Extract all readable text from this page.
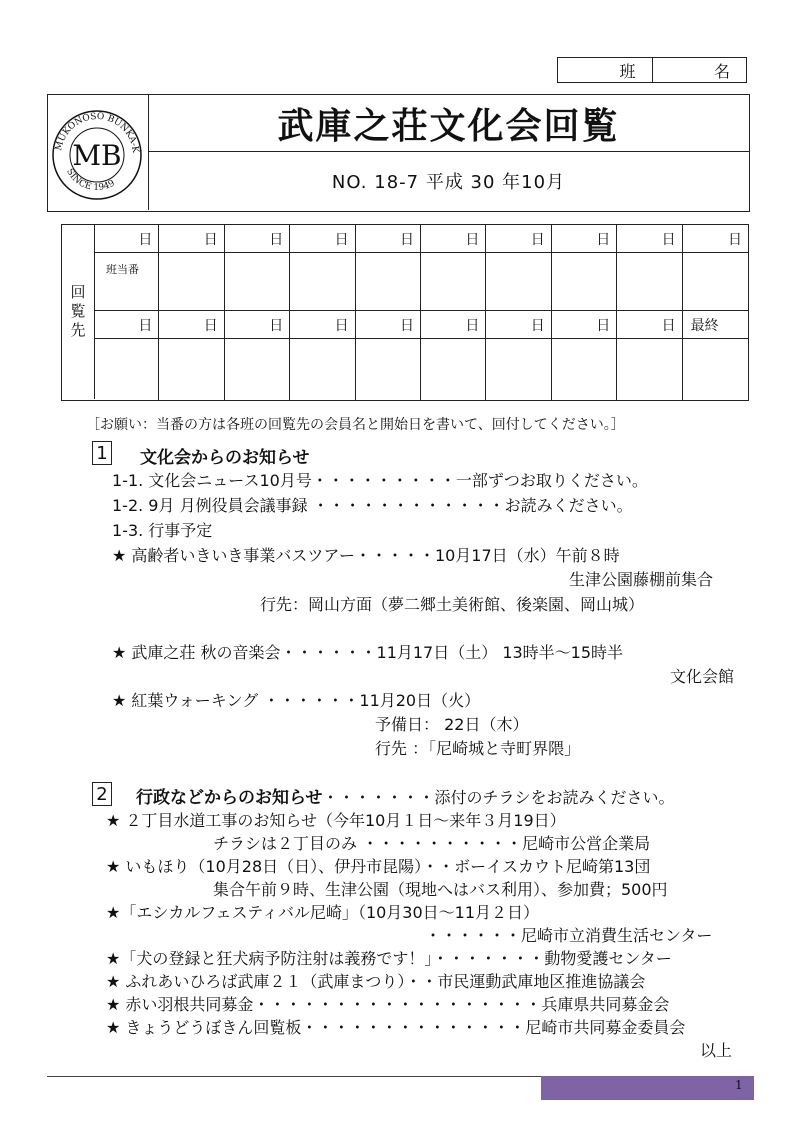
班	名
MUKONOSO BUNKA-K
SINCE 1949
MB
武庫之荘文化会回覧
NO. 18-7 平成 30 年10月
回覧先
日	日	日	日	日	日	日	日	日	日
班当番
日	日	日	日	日	日	日	日	日	最終
［お願い：当番の方は各班の回覧先の会員名と開始日を書いて、回付してください。］
1 文化会からのお知らせ
1-1. 文化会ニュース10月号・・・・・・・・・一部ずつお取りください。
1-2. 9月 月例役員会議事録 ・・・・・・・・・・・・お読みください。
1-3. 行事予定
★ 高齢者いきいき事業バスツアー・・・・・10月17日（水）午前８時
生津公園藤棚前集合
行先：岡山方面（夢二郷土美術館、後楽園、岡山城）
★ 武庫之荘 秋の音楽会・・・・・・11月17日（土） 13時半～15時半
文化会館
★ 紅葉ウォーキング ・・・・・・11月20日（火）
予備日： 22日（木）
行先 ：「尼崎城と寺町界隈」
2 行政などからのお知らせ・・・・・・・添付のチラシをお読みください。
★ ２丁目水道工事のお知らせ（今年10月１日～来年３月19日）
チラシは２丁目のみ ・・・・・・・・・・尼崎市公営企業局
★ いもほり（10月28日（日）、伊丹市昆陽）・・ボーイスカウト尼崎第13団
集合午前９時、生津公園（現地へはバス利用）、参加費；500円
★「エシカルフェスティバル尼崎」（10月30日～11月２日）
・・・・・・尼崎市立消費生活センター
★「犬の登録と狂犬病予防注射は義務です！」・・・・・・・動物愛護センター
★ ふれあいひろば武庫２１（武庫まつり）・・市民運動武庫地区推進協議会
★ 赤い羽根共同募金・・・・・・・・・・・・・・・・・・兵庫県共同募金会
★ きょうどうぼきん回覧板・・・・・・・・・・・・・・尼崎市共同募金委員会
以上
1
